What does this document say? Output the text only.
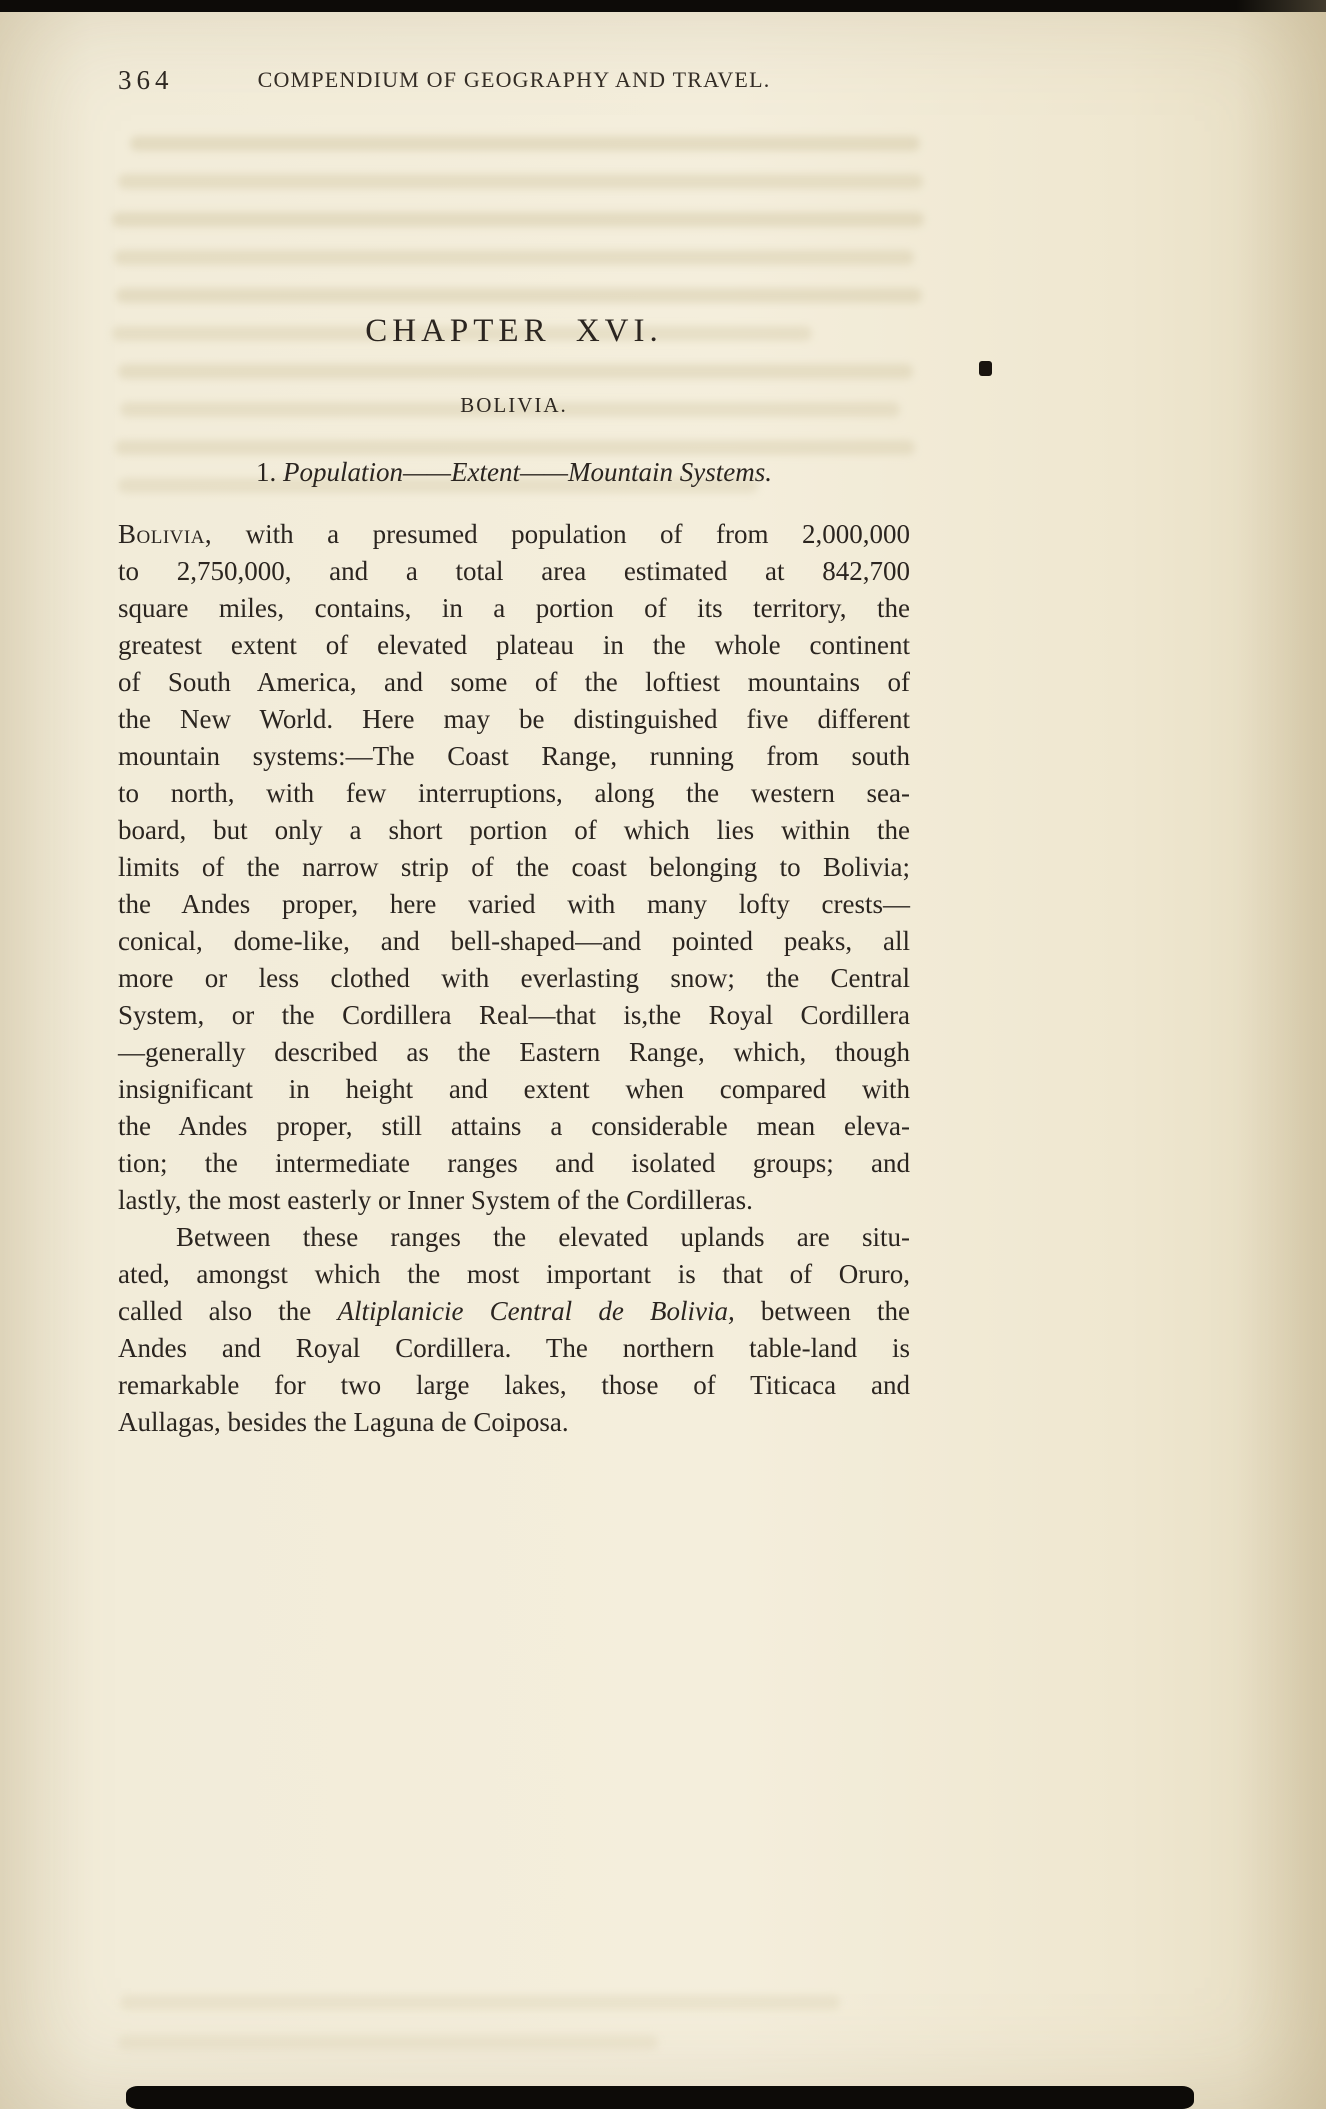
364	COMPENDIUM OF GEOGRAPHY AND TRAVEL.
CHAPTER XVI.
BOLIVIA.
1. Population——Extent——Mountain Systems.
Bolivia, with a presumed population of from 2,000,000
to 2,750,000, and a total area estimated at 842,700
square miles, contains, in a portion of its territory, the
greatest extent of elevated plateau in the whole continent
of South America, and some of the loftiest mountains of
the New World. Here may be distinguished five different
mountain systems:—The Coast Range, running from south
to north, with few interruptions, along the western sea-
board, but only a short portion of which lies within the
limits of the narrow strip of the coast belonging to Bolivia;
the Andes proper, here varied with many lofty crests—
conical, dome-like, and bell-shaped—and pointed peaks, all
more or less clothed with everlasting snow; the Central
System, or the Cordillera Real—that is,the Royal Cordillera
—generally described as the Eastern Range, which, though
insignificant in height and extent when compared with
the Andes proper, still attains a considerable mean eleva-
tion; the intermediate ranges and isolated groups; and
lastly, the most easterly or Inner System of the Cordilleras.
Between these ranges the elevated uplands are situ-
ated, amongst which the most important is that of Oruro,
called also the Altiplanicie Central de Bolivia, between the
Andes and Royal Cordillera. The northern table-land is
remarkable for two large lakes, those of Titicaca and
Aullagas, besides the Laguna de Coiposa.
